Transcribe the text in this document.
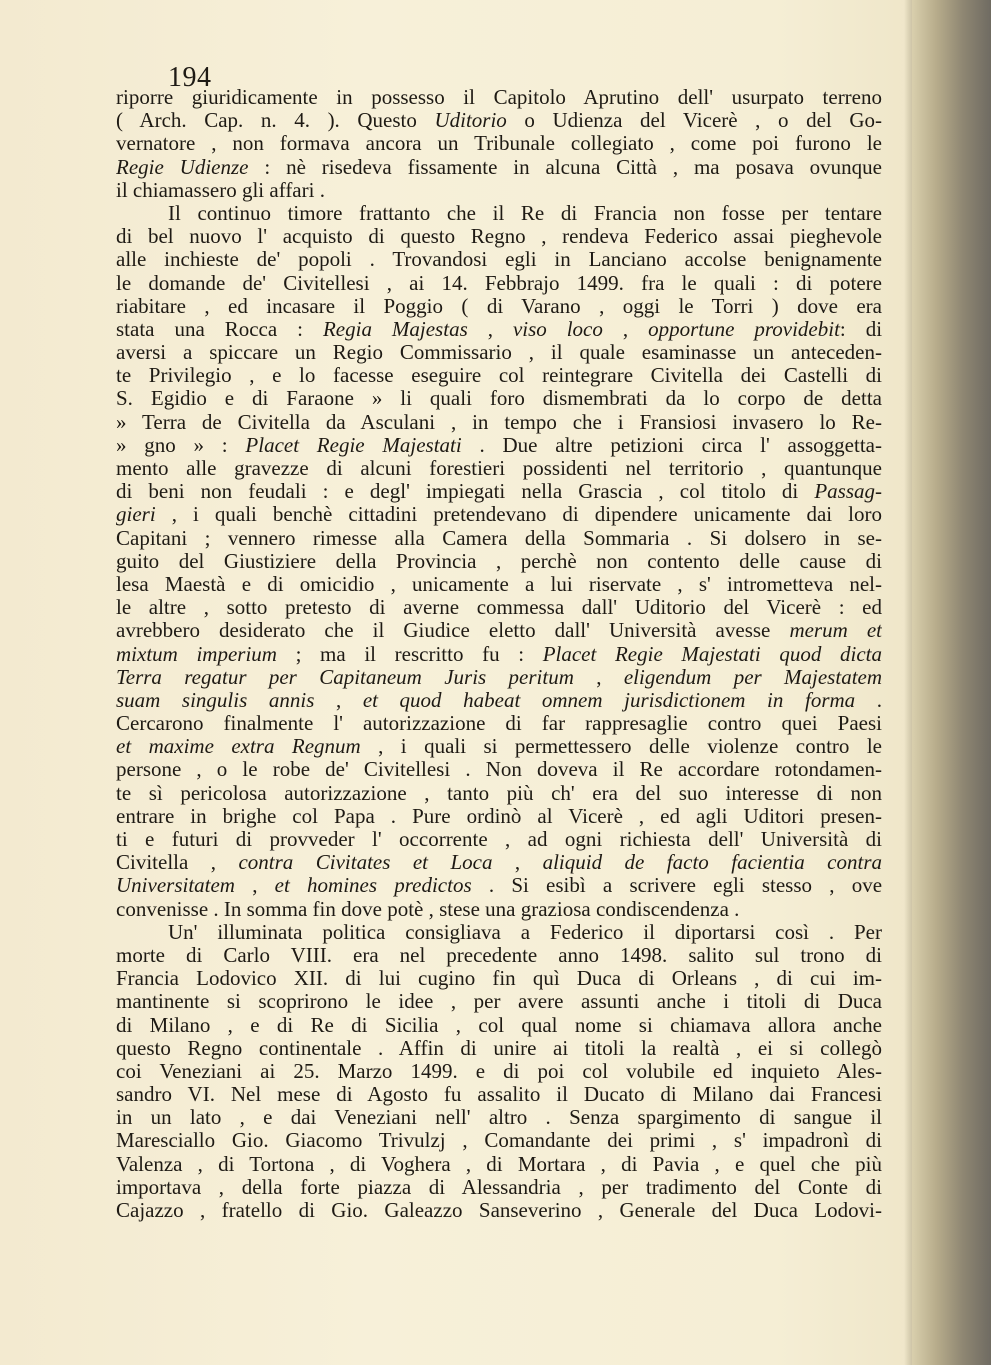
194
riporre giuridicamente in possesso il Capitolo Aprutino dell' usurpato terreno
( Arch. Cap. n. 4. ). Questo Uditorio o Udienza del Vicerè , o del Go-
vernatore , non formava ancora un Tribunale collegiato , come poi furono le
Regie Udienze : nè risedeva fissamente in alcuna Città , ma posava ovunque
il chiamassero gli affari .
Il continuo timore frattanto che il Re di Francia non fosse per tentare
di bel nuovo l' acquisto di questo Regno , rendeva Federico assai pieghevole
alle inchieste de' popoli . Trovandosi egli in Lanciano accolse benignamente
le domande de' Civitellesi , ai 14. Febbrajo 1499. fra le quali : di potere
riabitare , ed incasare il Poggio ( di Varano , oggi le Torri ) dove era
stata una Rocca : Regia Majestas , viso loco , opportune providebit: di
aversi a spiccare un Regio Commissario , il quale esaminasse un anteceden-
te Privilegio , e lo facesse eseguire col reintegrare Civitella dei Castelli di
S. Egidio e di Faraone » li quali foro dismembrati da lo corpo de detta
» Terra de Civitella da Asculani , in tempo che i Fransiosi invasero lo Re-
» gno » : Placet Regie Majestati . Due altre petizioni circa l' assoggetta-
mento alle gravezze di alcuni forestieri possidenti nel territorio , quantunque
di beni non feudali : e degl' impiegati nella Grascia , col titolo di Passag-
gieri , i quali benchè cittadini pretendevano di dipendere unicamente dai loro
Capitani ; vennero rimesse alla Camera della Sommaria . Si dolsero in se-
guito del Giustiziere della Provincia , perchè non contento delle cause di
lesa Maestà e di omicidio , unicamente a lui riservate , s' intrometteva nel-
le altre , sotto pretesto di averne commessa dall' Uditorio del Vicerè : ed
avrebbero desiderato che il Giudice eletto dall' Università avesse merum et
mixtum imperium ; ma il rescritto fu : Placet Regie Majestati quod dicta
Terra regatur per Capitaneum Juris peritum , eligendum per Majestatem
suam singulis annis , et quod habeat omnem jurisdictionem in forma .
Cercarono finalmente l' autorizzazione di far rappresaglie contro quei Paesi
et maxime extra Regnum , i quali si permettessero delle violenze contro le
persone , o le robe de' Civitellesi . Non doveva il Re accordare rotondamen-
te sì pericolosa autorizzazione , tanto più ch' era del suo interesse di non
entrare in brighe col Papa . Pure ordinò al Vicerè , ed agli Uditori presen-
ti e futuri di provveder l' occorrente , ad ogni richiesta dell' Università di
Civitella , contra Civitates et Loca , aliquid de facto facientia contra
Universitatem , et homines predictos . Si esibì a scrivere egli stesso , ove
convenisse . In somma fin dove potè , stese una graziosa condiscendenza .
Un' illuminata politica consigliava a Federico il diportarsi così . Per
morte di Carlo VIII. era nel precedente anno 1498. salito sul trono di
Francia Lodovico XII. di lui cugino fin quì Duca di Orleans , di cui im-
mantinente si scoprirono le idee , per avere assunti anche i titoli di Duca
di Milano , e di Re di Sicilia , col qual nome si chiamava allora anche
questo Regno continentale . Affin di unire ai titoli la realtà , ei si collegò
coi Veneziani ai 25. Marzo 1499. e di poi col volubile ed inquieto Ales-
sandro VI. Nel mese di Agosto fu assalito il Ducato di Milano dai Francesi
in un lato , e dai Veneziani nell' altro . Senza spargimento di sangue il
Maresciallo Gio. Giacomo Trivulzj , Comandante dei primi , s' impadronì di
Valenza , di Tortona , di Voghera , di Mortara , di Pavia , e quel che più
importava , della forte piazza di Alessandria , per tradimento del Conte di
Cajazzo , fratello di Gio. Galeazzo Sanseverino , Generale del Duca Lodovi-
